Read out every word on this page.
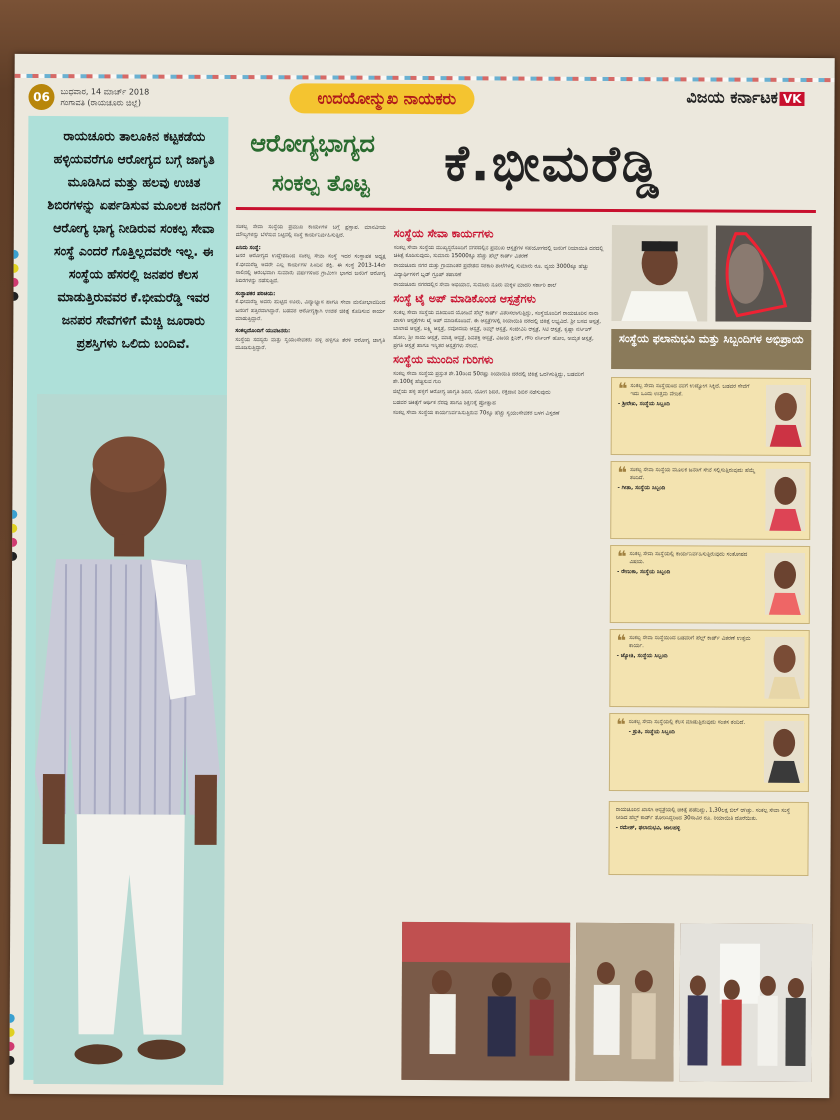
06	ಬುಧವಾರ, 14 ಮಾರ್ಚ್ 2018
ಗಂಗಾವತಿ (ರಾಯಚೂರು ಜಿಲ್ಲೆ)	ಉದಯೋನ್ಮುಖ ನಾಯಕರು	ವಿಜಯ ಕರ್ನಾಟಕ VK
ರಾಯಚೂರು ತಾಲೂಕಿನ ಕಟ್ಟಕಡೆಯ ಹಳ್ಳಿಯವರೆಗೂ ಆರೋಗ್ಯದ ಬಗ್ಗೆ ಜಾಗೃತಿ ಮೂಡಿಸಿದ ಮತ್ತು ಹಲವು ಉಚಿತ ಶಿಬಿರಗಳನ್ನು ಏರ್ಪಡಿಸುವ ಮೂಲಕ ಜನರಿಗೆ ಆರೋಗ್ಯ ಭಾಗ್ಯ ನೀಡಿರುವ ಸಂಕಲ್ಪ ಸೇವಾ ಸಂಸ್ಥೆ ಎಂದರೆ ಗೊತ್ತಿಲ್ಲದವರೇ ಇಲ್ಲ. ಈ ಸಂಸ್ಥೆಯ ಹೆಸರಲ್ಲಿ ಜನಪರ ಕೆಲಸ ಮಾಡುತ್ತಿರುವವರ ಕೆ.ಭೀಮರೆಡ್ಡಿ ಇವರ ಜನಪರ ಸೇವೆಗಳಿಗೆ ಮೆಚ್ಚಿ ಜೂರಾರು ಪ್ರಶಸ್ತಿಗಳು ಒಲಿದು ಬಂದಿವೆ.
ಆರೋಗ್ಯಭಾಗ್ಯದ
ಸಂಕಲ್ಪ ತೊಟ್ಟ ಕೆ.ಭೀಮರೆಡ್ಡಿ

ಸಂಕಲ್ಪ ಸೇವಾ ಸಂಸ್ಥೆಯ ಪ್ರಮುಖ ಕಾರ್ಯಗಳ ಬಗ್ಗೆ ಪ್ರಸ್ತಾಪ. ಮಾನವೀಯ ಮೌಲ್ಯಗಳನ್ನು ಬೆಳೆಸುವ ನಿಟ್ಟಿನಲ್ಲಿ ಸಂಸ್ಥೆ ಕಾರ್ಯನಿರ್ವಹಿಸುತ್ತಿದೆ.

ಏನಿದು ಸಂಸ್ಥೆ:

ಜನರ ಆರೋಗ್ಯದ ಉದ್ದೇಶದಿಂದ ಸಂಕಲ್ಪ ಸೇವಾ ಸಂಸ್ಥೆ ಇದರ ಸಂಸ್ಥಾಪಕ ಅಧ್ಯಕ್ಷ ಕೆ.ಭೀಮರೆಡ್ಡಿ ಅವರೇ ಎಲ್ಲ ಕಾರ್ಯಗಳ ಹಿಂದಿನ ಶಕ್ತಿ. ಈ ಸಂಸ್ಥೆ 2013-14ನೇ ಸಾಲಿನಲ್ಲಿ ಆರಂಭವಾಗಿ ಸುಮಾರು ವರ್ಷಗಳಿಂದ ಗ್ರಾಮೀಣ ಭಾಗದ ಜನರಿಗೆ ಆರೋಗ್ಯ ಶಿಬಿರಗಳನ್ನು ನಡೆಸುತ್ತಿದೆ.

ಸಂಸ್ಥಾಪಕರ ಪರಿಚಯ:

ಕೆ.ಭೀಮರೆಡ್ಡಿ ಅವರು ಹುಟ್ಟಿದ ಊರು, ವಿದ್ಯಾಭ್ಯಾಸ ಹಾಗೂ ಸೇವಾ ಮನೋಭಾವದಿಂದ ಜನರಿಗೆ ಹತ್ತಿರವಾಗಿದ್ದಾರೆ. ಬಡವರ ಆರೋಗ್ಯಕ್ಕಾಗಿ ಉಚಿತ ಚಿಕಿತ್ಸೆ ಕೊಡಿಸುವ ಕಾರ್ಯ ಮಾಡುತ್ತಿದ್ದಾರೆ.

ಸಂಕಲ್ಪದೊಂದಿಗೆ ಯುವಜನರು:

ಸಂಸ್ಥೆಯ ಸದಸ್ಯರು ಮತ್ತು ಸ್ವಯಂಸೇವಕರು ಹಳ್ಳಿ ಹಳ್ಳಿಗೂ ತೆರಳಿ ಆರೋಗ್ಯ ಜಾಗೃತಿ ಮೂಡಿಸುತ್ತಿದ್ದಾರೆ.

ಸಂಸ್ಥೆಯ ಸೇವಾ ಕಾರ್ಯಗಳು
ಸಂಕಲ್ಪ ಸೇವಾ ಸಂಸ್ಥೆಯ ಮುಖ್ಯಸ್ಥರೊಂದಿಗೆ ನಗರದಲ್ಲಿನ ಪ್ರಮುಖ ಆಸ್ಪತ್ರೆಗಳ ಸಹಯೋಗದಲ್ಲಿ ಜನರಿಗೆ ರಿಯಾಯಿತಿ ದರದಲ್ಲಿ ಚಿಕಿತ್ಸೆ ಕೊಡಿಸುವುದು, ಸುಮಾರು 15000ಕ್ಕೂ ಹೆಚ್ಚು ಹೆಲ್ತ್ ಕಾರ್ಡ್ ವಿತರಣೆ
ರಾಯಚೂರು ನಗರ ಮತ್ತು ಗ್ರಾಮಾಂತರ ಪ್ರದೇಶದ ಸರಕಾರಿ ಶಾಲೆಗಳಲ್ಲಿ ಸುಮಾರು ರೂ. ವ್ಯಯ 3000ಕ್ಕೂ ಹೆಚ್ಚು ವಿದ್ಯಾರ್ಥಿಗಳಿಗೆ ಬ್ಲಡ್ ಗ್ರೂಪ್ ತಪಾಸಣೆ
ರಾಯಚೂರು ನಗರದಲ್ಲಿನ ಸೇವಾ ಅಭಿಯಾನ, ಸುಮಾರು ನೂರು ಮಕ್ಕಳ ಮಾದರಿ ಸರ್ಕಾರಿ ಶಾಲೆ
ಸಂಸ್ಥೆ ಟೈ ಅಪ್ ಮಾಡಿಕೊಂಡ ಆಸ್ಪತ್ರೆಗಳು
ಸಂಕಲ್ಪ ಸೇವಾ ಸಂಸ್ಥೆಯ ವತಿಯಿಂದ ಯೋಜನೆ ಹೆಲ್ತ್ ಕಾರ್ಡ್ ವಿತರಿಸಲಾಗುತ್ತಿದ್ದು, ಸಂಸ್ಥೆಯೊಂದಿಗೆ ರಾಯಚೂರಿನ ನಾನಾ ಖಾಸಗಿ ಆಸ್ಪತ್ರೆಗಳು ಟೈ ಅಪ್ ಮಾಡಿಕೊಂಡಿವೆ. ಈ ಆಸ್ಪತ್ರೆಗಳಲ್ಲಿ ರಿಯಾಯಿತಿ ದರದಲ್ಲಿ ಚಿಕಿತ್ಸೆ ಲಭ್ಯವಿದೆ. ಶ್ರೀ ಬಸವ ಆಸ್ಪತ್ರೆ, ಬಾಲಾಜಿ ಆಸ್ಪತ್ರೆ, ಲಕ್ಷ್ಮಿ ಆಸ್ಪತ್ರೆ, ನವೋದಯ ಆಸ್ಪತ್ರೆ, ರಿಮ್ಸ್ ಆಸ್ಪತ್ರೆ, ಸಂಜೀವಿನಿ ಆಸ್ಪತ್ರೆ, ಸಿಟಿ ಆಸ್ಪತ್ರೆ, ಕೃಷ್ಣಾ ನರ್ಸಿಂಗ್ ಹೋಂ, ಶ್ರೀ ಸಾಯಿ ಆಸ್ಪತ್ರೆ, ಮಾತೃ ಆಸ್ಪತ್ರೆ, ಶಿವಶಕ್ತಿ ಆಸ್ಪತ್ರೆ, ವಿಜಯ ಕ್ಲಿನಿಕ್, ಗೌರಿ ನರ್ಸಿಂಗ್ ಹೋಂ, ಅಮೃತ ಆಸ್ಪತ್ರೆ, ಪ್ರಗತಿ ಆಸ್ಪತ್ರೆ ಹಾಗೂ ಇನ್ನಿತರ ಆಸ್ಪತ್ರೆಗಳು ಸೇರಿವೆ.
ಸಂಸ್ಥೆಯ ಮುಂದಿನ ಗುರಿಗಳು
ಸಂಕಲ್ಪ ಸೇವಾ ಸಂಸ್ಥೆಯ ಪ್ರಸ್ತುತ ಶೇ.10ರಿಂದ 50ರಷ್ಟು ರಿಯಾಯಿತಿ ದರದಲ್ಲಿ ಚಿಕಿತ್ಸೆ ಒದಗಿಸುತ್ತಿದ್ದು, ಬಡವರಿಗೆ ಶೇ.100ಕ್ಕೆ ಹೆಚ್ಚಿಸುವ ಗುರಿ
ಜಿಲ್ಲೆಯ ಹಳ್ಳಿ ಹಳ್ಳಿಗೆ ಆರೋಗ್ಯ ಜಾಗೃತಿ ಶಿಬಿರ, ಯೋಗ ಶಿಬಿರ, ರಕ್ತದಾನ ಶಿಬಿರ ನಡೆಸುವುದು
ಬಡವರ ಚಿಕಿತ್ಸೆಗೆ ಆರ್ಥಿಕ ನೆರವು ಹಾಗೂ ಶಿಕ್ಷಣಕ್ಕೆ ಪ್ರೋತ್ಸಾಹ
ಸಂಕಲ್ಪ ಸೇವಾ ಸಂಸ್ಥೆಯ ಕಾರ್ಯನಿರ್ವಹಿಸುತ್ತಿರುವ 70ಕ್ಕೂ ಹೆಚ್ಚು ಸ್ವಯಂಸೇವಕರ ಬಳಗ ವಿಸ್ತರಣೆ
ಸಂಸ್ಥೆಯ ಫಲಾನುಭವಿ ಮತ್ತು ಸಿಬ್ಬಂದಿಗಳ ಅಭಿಪ್ರಾಯ
❝ ಸಂಕಲ್ಪ ಸೇವಾ ಸಂಸ್ಥೆಯಿಂದ ನನಗೆ ಉದ್ಯೋಗ ಸಿಕ್ಕಿದೆ. ಬಡವರ ಸೇವೆಗೆ ಇದು ಒಂದು ಉತ್ತಮ ವೇದಿಕೆ.
- ಶ್ರೀರೇಖ, ಸಂಸ್ಥೆಯ ಸಿಬ್ಬಂದಿ
❝ ಸಂಕಲ್ಪ ಸೇವಾ ಸಂಸ್ಥೆಯ ಮೂಲಕ ಜನರಿಗೆ ಸೇವೆ ಸಲ್ಲಿಸುತ್ತಿರುವುದು ಹೆಮ್ಮೆ ತಂದಿದೆ.
- ಗೀತಾ, ಸಂಸ್ಥೆಯ ಸಿಬ್ಬಂದಿ
❝ ಸಂಕಲ್ಪ ಸೇವಾ ಸಂಸ್ಥೆಯಲ್ಲಿ ಕಾರ್ಯನಿರ್ವಹಿಸುತ್ತಿರುವುದು ಸಂತೋಷದ ವಿಷಯ.
- ರೇಣುಕಾ, ಸಂಸ್ಥೆಯ ಸಿಬ್ಬಂದಿ
❝ ಸಂಕಲ್ಪ ಸೇವಾ ಸಂಸ್ಥೆಯಿಂದ ಬಡವರಿಗೆ ಹೆಲ್ತ್ ಕಾರ್ಡ್ ವಿತರಣೆ ಉತ್ತಮ ಕಾರ್ಯ.
- ಜ್ಯೋತಿ, ಸಂಸ್ಥೆಯ ಸಿಬ್ಬಂದಿ
❝ ಸಂಕಲ್ಪ ಸೇವಾ ಸಂಸ್ಥೆಯಲ್ಲಿ ಕೆಲಸ ಮಾಡುತ್ತಿರುವುದು ಸಂತಸ ತಂದಿದೆ.
- ಶ್ರುತಿ, ಸಂಸ್ಥೆಯ ಸಿಬ್ಬಂದಿ
ರಾಯಚೂರಿನ ಖಾಸಗಿ ಆಸ್ಪತ್ರೆಯಲ್ಲಿ ಚಿಕಿತ್ಸೆ ಪಡೆದಿದ್ದು, 1,30ಲಕ್ಷ ಬಿಲ್ ಆಗಿತ್ತು. ಸಂಕಲ್ಪ ಸೇವಾ ಸಂಸ್ಥೆ ನೀಡಿದ ಹೆಲ್ತ್ ಕಾರ್ಡ್ ತೋರಿಸಿದ್ದರಿಂದ 30ಸಾವಿರ ರೂ. ರಿಯಾಯಿತಿ ದೊರೆಯಿತು.
- ರಮೇಶ್, ಫಲಾನುಭವಿ, ಜಾಲಹಳ್ಳಿ
